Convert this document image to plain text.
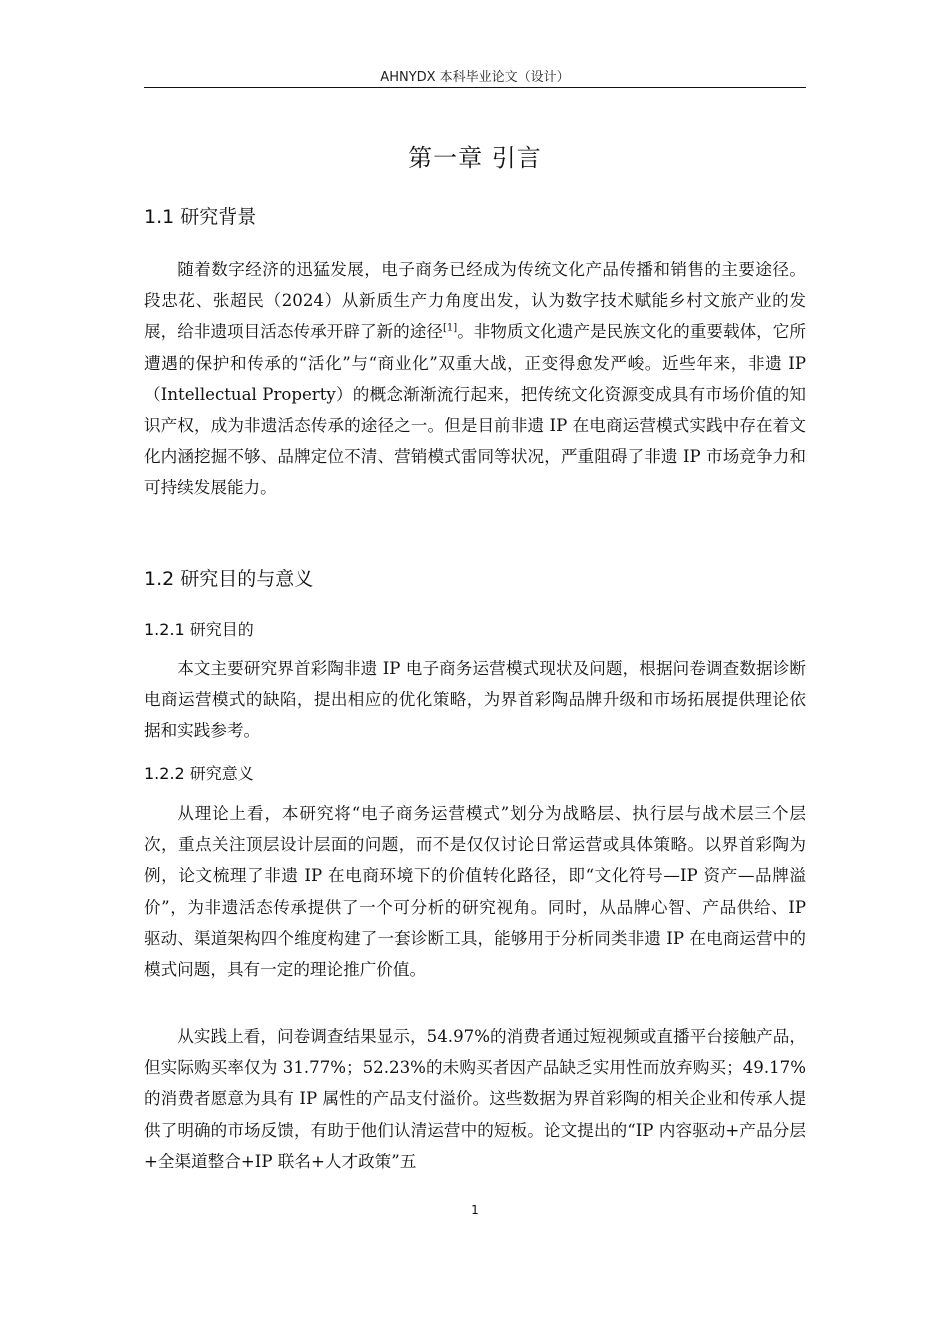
AHNYDX 本科毕业论文（设计）
第一章 引言
1.1 研究背景

随着数字经济的迅猛发展，电子商务已经成为传统文化产品传播和销售的主要途径。段忠花、张超民（2024）从新质生产力角度出发，认为数字技术赋能乡村文旅产业的发展，给非遗项目活态传承开辟了新的途径[1]。非物质文化遗产是民族文化的重要载体，它所遭遇的保护和传承的“活化”与“商业化”双重大战，正变得愈发严峻。近些年来，非遗 IP（Intellectual Property）的概念渐渐流行起来，把传统文化资源变成具有市场价值的知识产权，成为非遗活态传承的途径之一。但是目前非遗 IP 在电商运营模式实践中存在着文化内涵挖掘不够、品牌定位不清、营销模式雷同等状况，严重阻碍了非遗 IP 市场竞争力和可持续发展能力。

1.2 研究目的与意义
1.2.1 研究目的

本文主要研究界首彩陶非遗 IP 电子商务运营模式现状及问题，根据问卷调查数据诊断电商运营模式的缺陷，提出相应的优化策略，为界首彩陶品牌升级和市场拓展提供理论依据和实践参考。

1.2.2 研究意义

从理论上看，本研究将“电子商务运营模式”划分为战略层、执行层与战术层三个层次，重点关注顶层设计层面的问题，而不是仅仅讨论日常运营或具体策略。以界首彩陶为例，论文梳理了非遗 IP 在电商环境下的价值转化路径，即“文化符号—IP 资产—品牌溢价”，为非遗活态传承提供了一个可分析的研究视角。同时，从品牌心智、产品供给、IP 驱动、渠道架构四个维度构建了一套诊断工具，能够用于分析同类非遗 IP 在电商运营中的模式问题，具有一定的理论推广价值。

从实践上看，问卷调查结果显示，54.97%的消费者通过短视频或直播平台接触产品，但实际购买率仅为 31.77%；52.23%的未购买者因产品缺乏实用性而放弃购买；49.17%的消费者愿意为具有 IP 属性的产品支付溢价。这些数据为界首彩陶的相关企业和传承人提供了明确的市场反馈，有助于他们认清运营中的短板。论文提出的“IP 内容驱动+产品分层+全渠道整合+IP 联名+人才政策”五

1
